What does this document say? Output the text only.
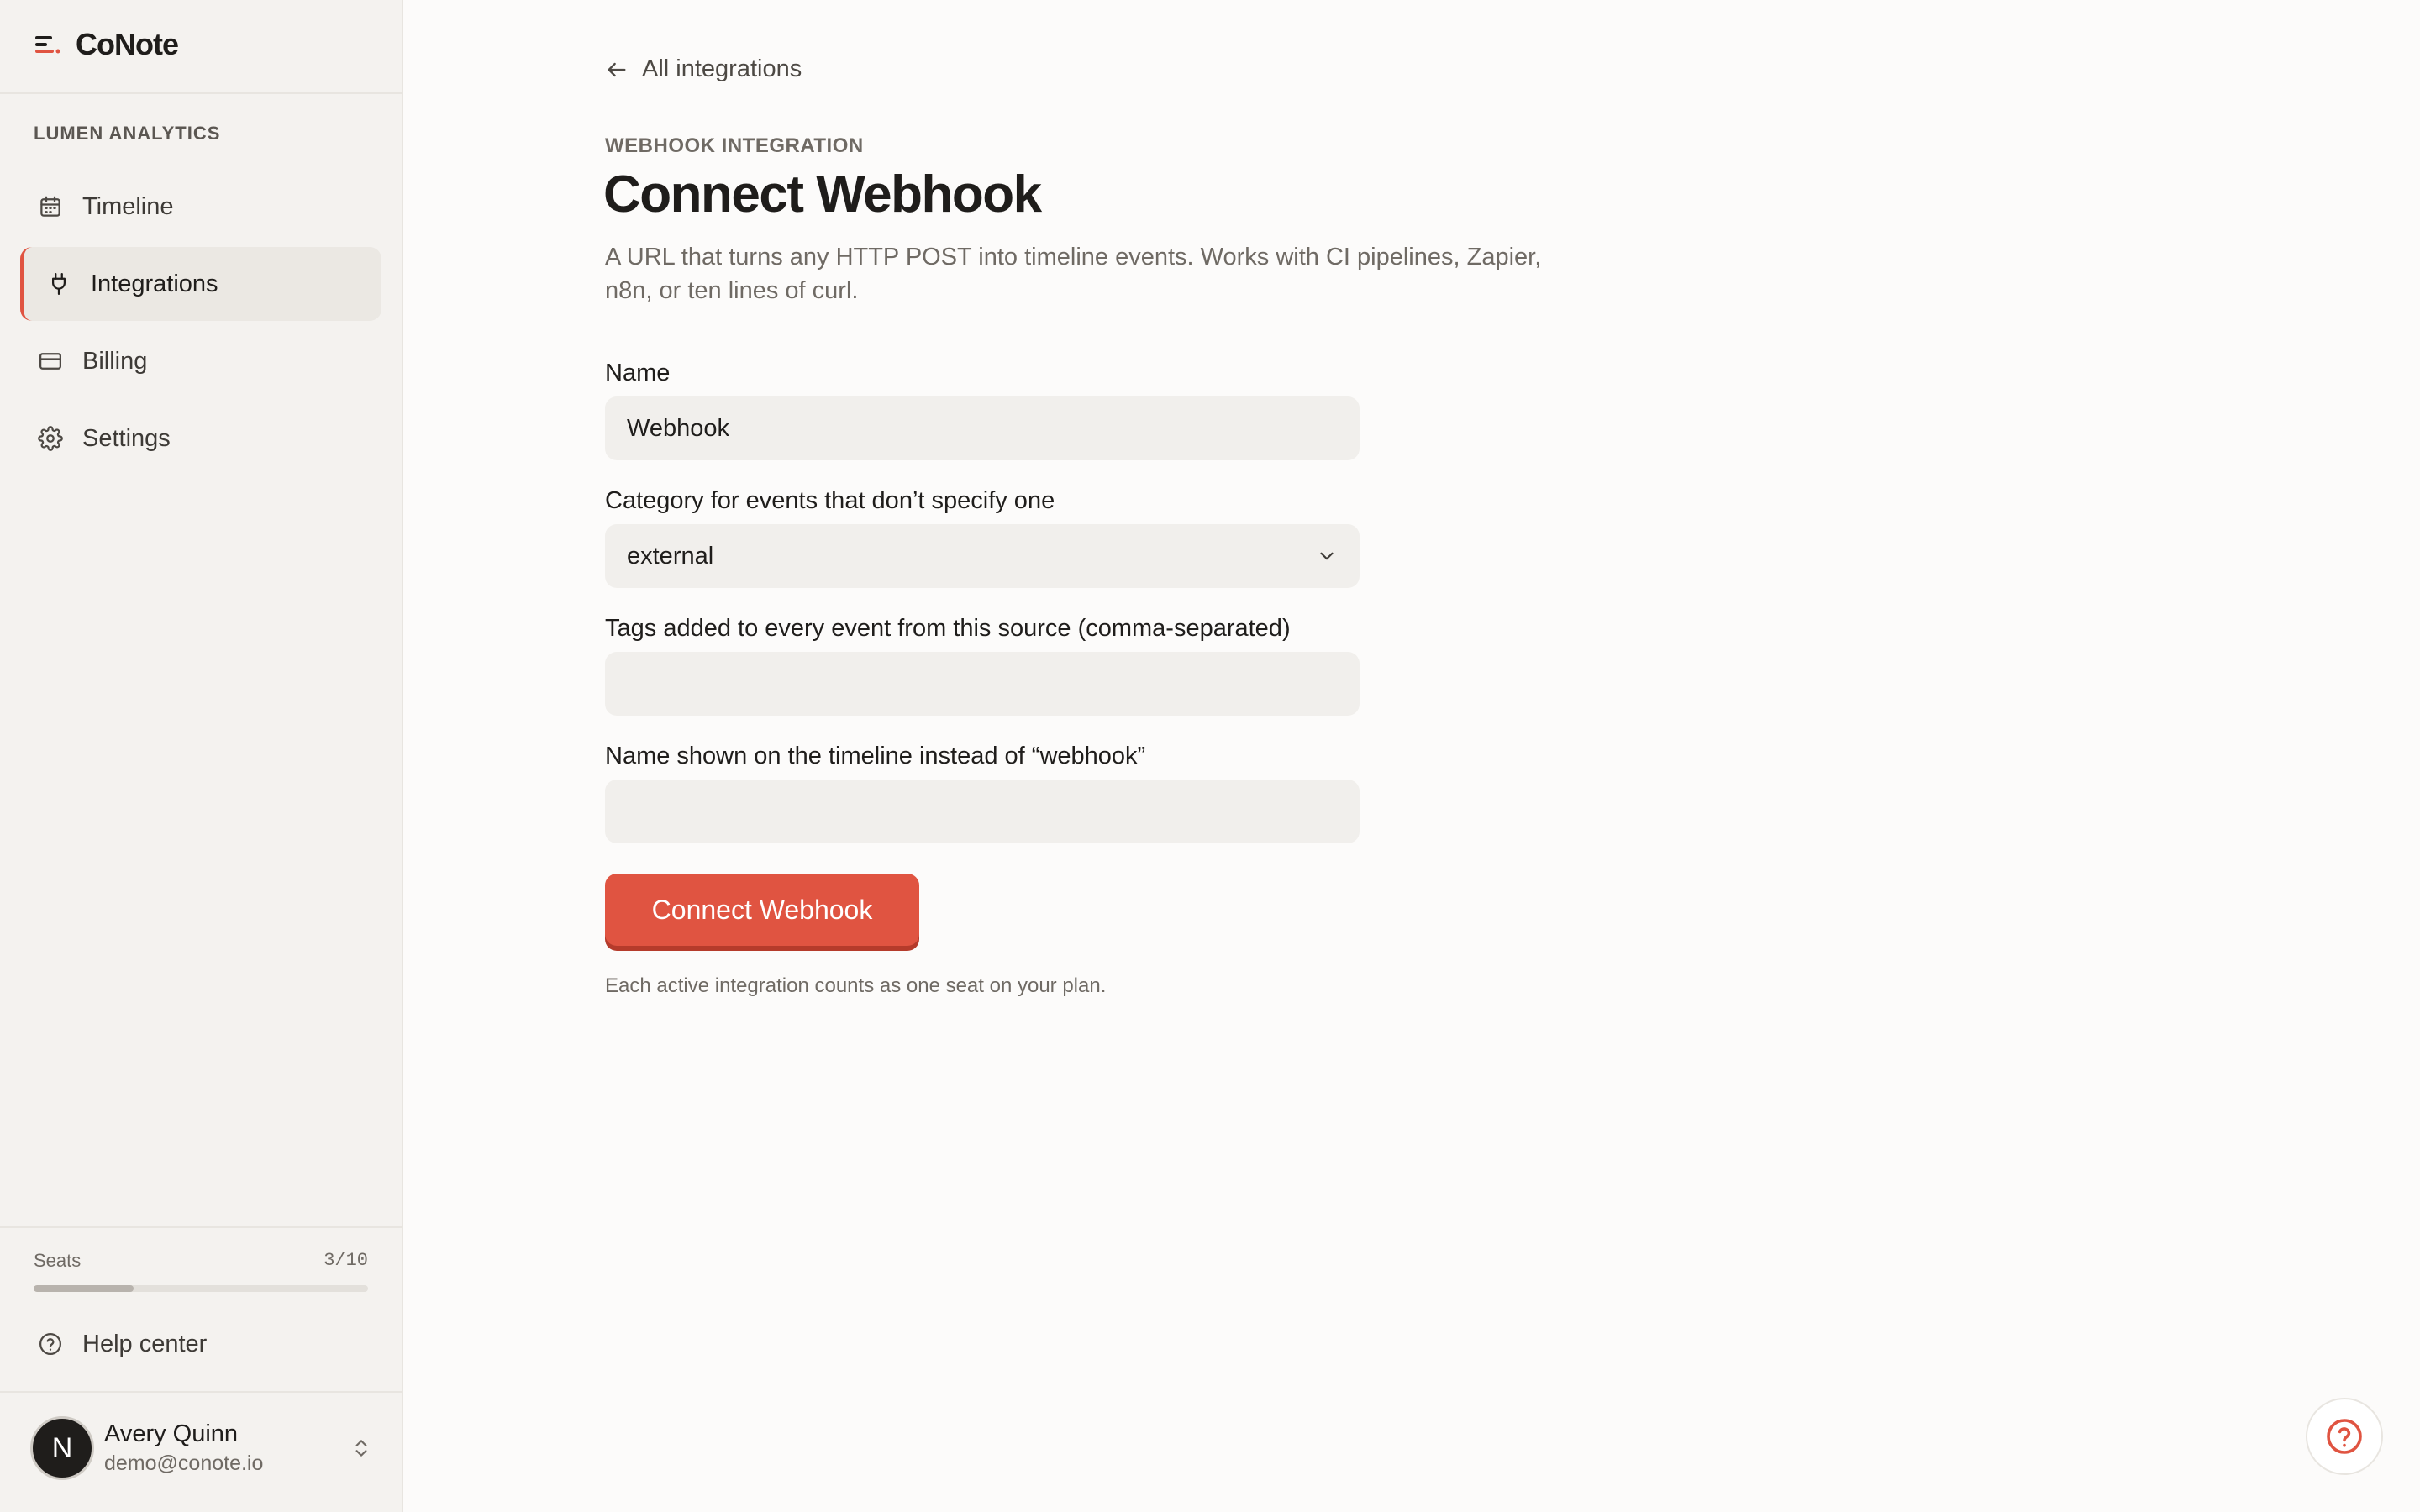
CoNote
LUMEN ANALYTICS
Timeline
Integrations
Billing
Settings
Seats	3/10
Help center
N	Avery Quinn
demo@conote.io
All integrations
WEBHOOK INTEGRATION
Connect Webhook

A URL that turns any HTTP POST into timeline events. Works with CI pipelines, Zapier, n8n, or ten lines of curl.

Name
Webhook
Category for events that don’t specify one
external
Tags added to every event from this source (comma-separated)
Name shown on the timeline instead of “webhook”
Connect Webhook
Each active integration counts as one seat on your plan.
